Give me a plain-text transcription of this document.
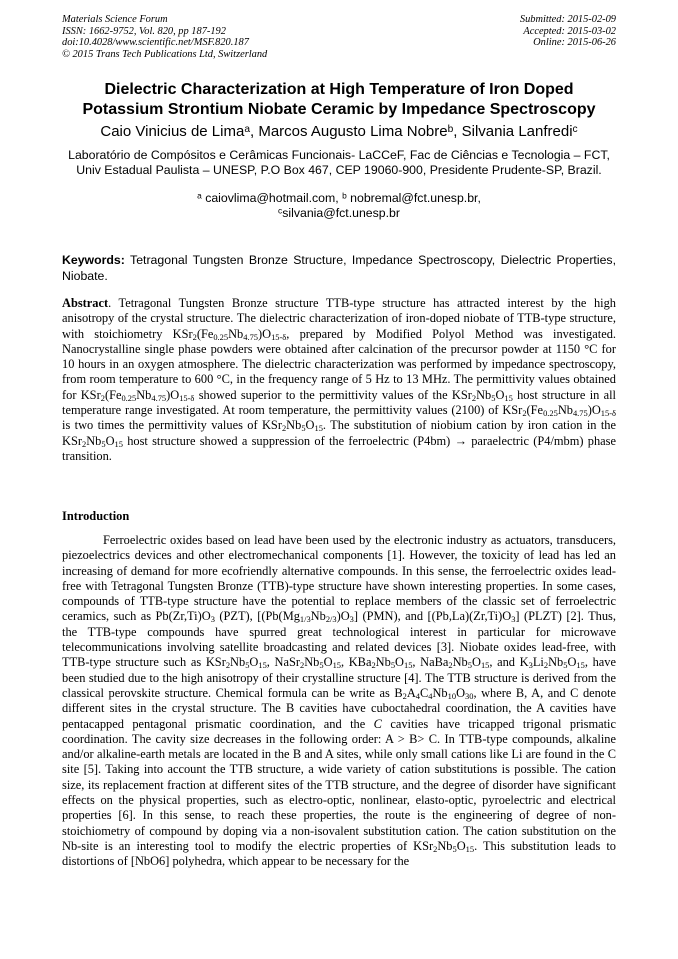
Materials Science Forum
ISSN: 1662-9752, Vol. 820, pp 187-192
doi:10.4028/www.scientific.net/MSF.820.187
© 2015 Trans Tech Publications Ltd, Switzerland
Submitted: 2015-02-09
Accepted: 2015-03-02
Online: 2015-06-26
Dielectric Characterization at High Temperature of Iron Doped
Potassium Strontium Niobate Ceramic by Impedance Spectroscopy
Caio Vinicius de Lima$^a$, Marcos Augusto Lima Nobre$^b$, Silvania Lanfredi$^c$
Laboratório de Compósitos e Cerâmicas Funcionais- LaCCeF, Fac de Ciências e Tecnologia – FCT, Univ Estadual Paulista – UNESP, P.O Box 467, CEP 19060-900, Presidente Prudente-SP, Brazil.
$^a$ caiovlima@hotmail.com, $^b$ nobremal@fct.unesp.br,
$^c$silvania@fct.unesp.br
Keywords: Tetragonal Tungsten Bronze Structure, Impedance Spectroscopy, Dielectric Properties, Niobate.
Abstract. Tetragonal Tungsten Bronze structure TTB-type structure has attracted interest by the high anisotropy of the crystal structure. The dielectric characterization of iron-doped niobate of TTB-type structure, with stoichiometry $KSr_2(Fe_{0.25}Nb_{4.75})O_{15-\delta}$, prepared by Modified Polyol Method was investigated. Nanocrystalline single phase powders were obtained after calcination of the precursor powder at 1150 °C for 10 hours in an oxygen atmosphere. The dielectric characterization was performed by impedance spectroscopy, from room temperature to 600 °C, in the frequency range of 5 Hz to 13 MHz. The permittivity values obtained for $KSr_2(Fe_{0.25}Nb_{4.75})O_{15-\delta}$ showed superior to the permittivity values of the $KSr_2Nb_5O_{15}$ host structure in all temperature range investigated. At room temperature, the permittivity values (2100) of $KSr_2(Fe_{0.25}Nb_{4.75})O_{15-\delta}$ is two times the permittivity values of $KSr_2Nb_5O_{15}$. The substitution of niobium cation by iron cation in the $KSr_2Nb_5O_{15}$ host structure showed a suppression of the ferroelectric (P4bm) → paraelectric (P4/mbm) phase transition.
Introduction
Ferroelectric oxides based on lead have been used by the electronic industry as actuators, transducers, piezoelectrics devices and other electromechanical components [1]. However, the toxicity of lead has led an increasing of demand for more ecofriendly alternative compounds. In this sense, the ferroelectric oxides lead-free with Tetragonal Tungsten Bronze (TTB)-type structure have shown interesting properties. In some cases, compounds of TTB-type structure have the potential to replace members of the classic set of ferroelectric ceramics, such as $Pb(Zr,Ti)O_3$ (PZT), [$(Pb(Mg_{1/3}Nb_{2/3})O_3]$ (PMN), and $[(Pb,La)(Zr,Ti)O_3]$ (PLZT) [2]. Thus, the TTB-type compounds have spurred great technological interest in particular for microwave telecommunications involving satellite broadcasting and related devices [3]. Niobate oxides lead-free, with TTB-type structure such as $KSr_2Nb_5O_{15}$, $NaSr_2Nb_5O_{15}$, $KBa_2Nb_5O_{15}$, $NaBa_2Nb_5O_{15}$, and $K_3Li_2Nb_5O_{15}$, have been studied due to the high anisotropy of their crystalline structure [4]. The TTB structure is derived from the classical perovskite structure. Chemical formula can be write as $B_2A_4C_4Nb_{10}O_{30}$, where B, A, and C denote different sites in the crystal structure. The B cavities have cuboctahedral coordination, the A cavities have pentacapped pentagonal prismatic coordination, and the C cavities have tricapped trigonal prismatic coordination. The cavity size decreases in the following order: A > B> C. In TTB-type compounds, alkaline and/or alkaline-earth metals are located in the B and A sites, while only small cations like Li are found in the C site [5]. Taking into account the TTB structure, a wide variety of cation substitutions is possible. The cation size, its replacement fraction at different sites of the TTB structure, and the degree of disorder have significant effects on the physical properties, such as electro-optic, nonlinear, elasto-optic, pyroelectric and electrical properties [6]. In this sense, to reach these properties, the route is the engineering of degree of non-stoichiometry of compound by doping via a non-isovalent substitution cation. The cation substitution on the Nb-site is an interesting tool to modify the electric properties of $KSr_2Nb_5O_{15}$. This substitution leads to distortions of [NbO6] polyhedra, which appear to be necessary for the
